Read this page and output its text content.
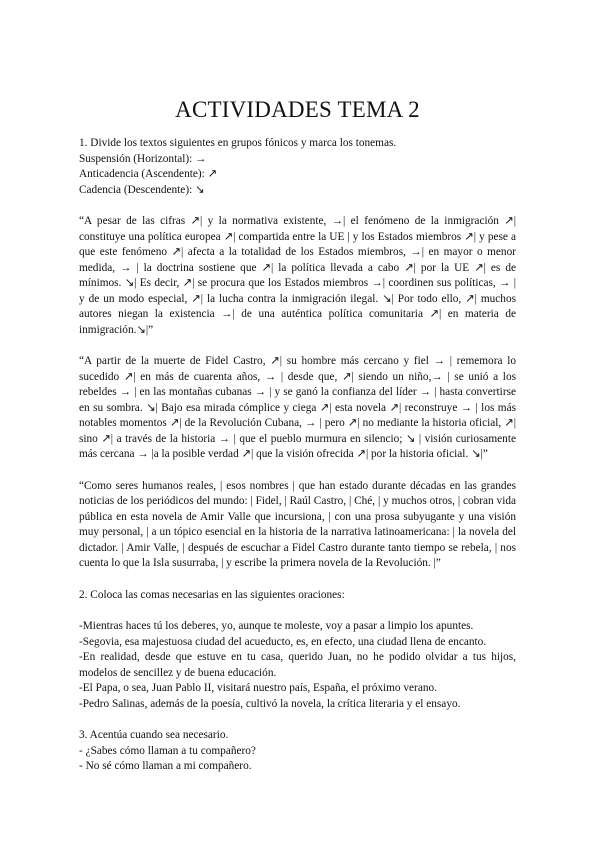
ACTIVIDADES TEMA 2
1. Divide los textos siguientes en grupos fónicos y marca los tonemas.
Suspensión (Horizontal): →
Anticadencia (Ascendente): ↗
Cadencia (Descendente): ↘

“A pesar de las cifras ↗| y la normativa existente, →| el fenómeno de la inmigración ↗| constituye una política europea ↗| compartida entre la UE | y los Estados miembros ↗| y pese a que este fenómeno ↗| afecta a la totalidad de los Estados miembros, →| en mayor o menor medida, → | la doctrina sostiene que ↗| la política llevada a cabo ↗| por la UE ↗| es de mínimos. ↘| Es decir, ↗| se procura que los Estados miembros →| coordinen sus políticas, → | y de un modo especial, ↗| la lucha contra la inmigración ilegal. ↘| Por todo ello, ↗| muchos autores niegan la existencia →| de una auténtica política comunitaria ↗| en materia de inmigración.↘|”

“A partir de la muerte de Fidel Castro, ↗| su hombre más cercano y fiel → | rememora lo sucedido ↗| en más de cuarenta años, → | desde que, ↗| siendo un niño,→ | se unió a los rebeldes → | en las montañas cubanas → | y se ganó la confianza del líder → | hasta convertirse en su sombra. ↘| Bajo esa mirada cómplice y ciega ↗| esta novela ↗| reconstruye → | los más notables momentos ↗| de la Revolución Cubana, → | pero ↗| no mediante la historia oficial, ↗| sino ↗| a través de la historia → | que el pueblo murmura en silencio; ↘ | visión curiosamente más cercana → |a la posible verdad ↗| que la visión ofrecida ↗| por la historia oficial. ↘|”

“Como seres humanos reales, | esos nombres | que han estado durante décadas en las grandes noticias de los periódicos del mundo: | Fidel, | Raúl Castro, | Ché, | y muchos otros, | cobran vida pública en esta novela de Amir Valle que incursiona, | con una prosa subyugante y una visión muy personal, | a un tópico esencial en la historia de la narrativa latinoamericana: | la novela del dictador. | Amir Valle, | después de escuchar a Fidel Castro durante tanto tiempo se rebela, | nos cuenta lo que la Isla susurraba, | y escribe la primera novela de la Revolución. |”

2. Coloca las comas necesarias en las siguientes oraciones:
-Mientras haces tú los deberes, yo, aunque te moleste, voy a pasar a limpio los apuntes.
-Segovia, esa majestuosa ciudad del acueducto, es, en efecto, una ciudad llena de encanto.
-En realidad, desde que estuve en tu casa, querido Juan, no he podido olvidar a tus hijos, modelos de sencillez y de buena educación.
-El Papa, o sea, Juan Pablo II, visitará nuestro país, España, el próximo verano.
-Pedro Salinas, además de la poesía, cultivó la novela, la crítica literaria y el ensayo.
3. Acentúa cuando sea necesario.
- ¿Sabes cómo llaman a tu compañero?
- No sé cómo llaman a mi compañero.
